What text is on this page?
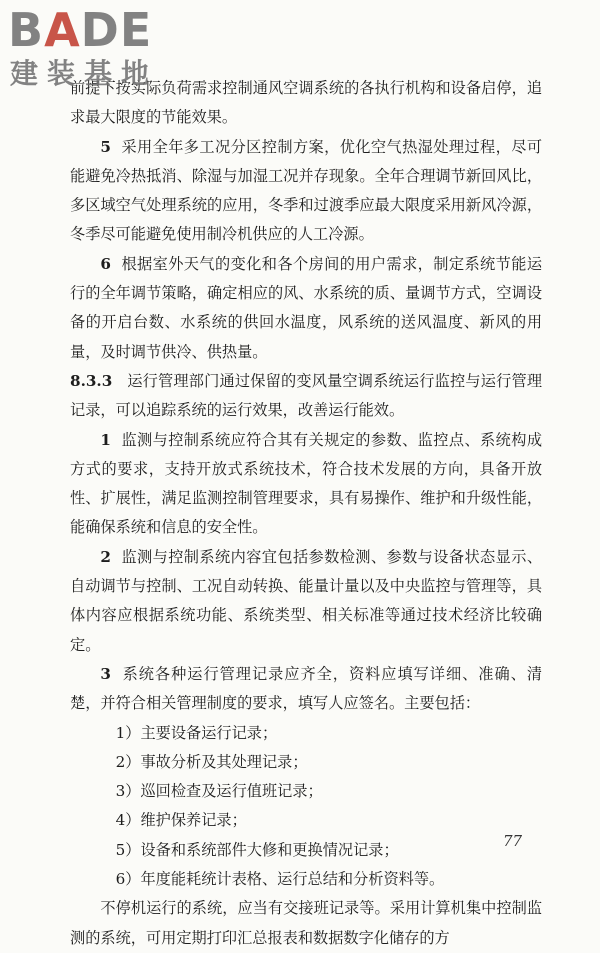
BADE
建装基地

前提下按实际负荷需求控制通风空调系统的各执行机构和设备启停，追求最大限度的节能效果。

5 采用全年多工况分区控制方案，优化空气热湿处理过程，尽可能避免冷热抵消、除湿与加湿工况并存现象。全年合理调节新回风比，多区域空气处理系统的应用，冬季和过渡季应最大限度采用新风冷源，冬季尽可能避免使用制冷机供应的人工冷源。

6 根据室外天气的变化和各个房间的用户需求，制定系统节能运行的全年调节策略，确定相应的风、水系统的质、量调节方式，空调设备的开启台数、水系统的供回水温度，风系统的送风温度、新风的用量，及时调节供冷、供热量。

8.3.3 运行管理部门通过保留的变风量空调系统运行监控与运行管理记录，可以追踪系统的运行效果，改善运行能效。

1 监测与控制系统应符合其有关规定的参数、监控点、系统构成方式的要求，支持开放式系统技术，符合技术发展的方向，具备开放性、扩展性，满足监测控制管理要求，具有易操作、维护和升级性能，能确保系统和信息的安全性。

2 监测与控制系统内容宜包括参数检测、参数与设备状态显示、自动调节与控制、工况自动转换、能量计量以及中央监控与管理等，具体内容应根据系统功能、系统类型、相关标准等通过技术经济比较确定。

3 系统各种运行管理记录应齐全，资料应填写详细、准确、清楚，并符合相关管理制度的要求，填写人应签名。主要包括：

1）主要设备运行记录；
2）事故分析及其处理记录；
3）巡回检查及运行值班记录；
4）维护保养记录；
5）设备和系统部件大修和更换情况记录；
6）年度能耗统计表格、运行总结和分析资料等。

不停机运行的系统，应当有交接班记录等。采用计算机集中控制监测的系统，可用定期打印汇总报表和数据数字化储存的方

77
